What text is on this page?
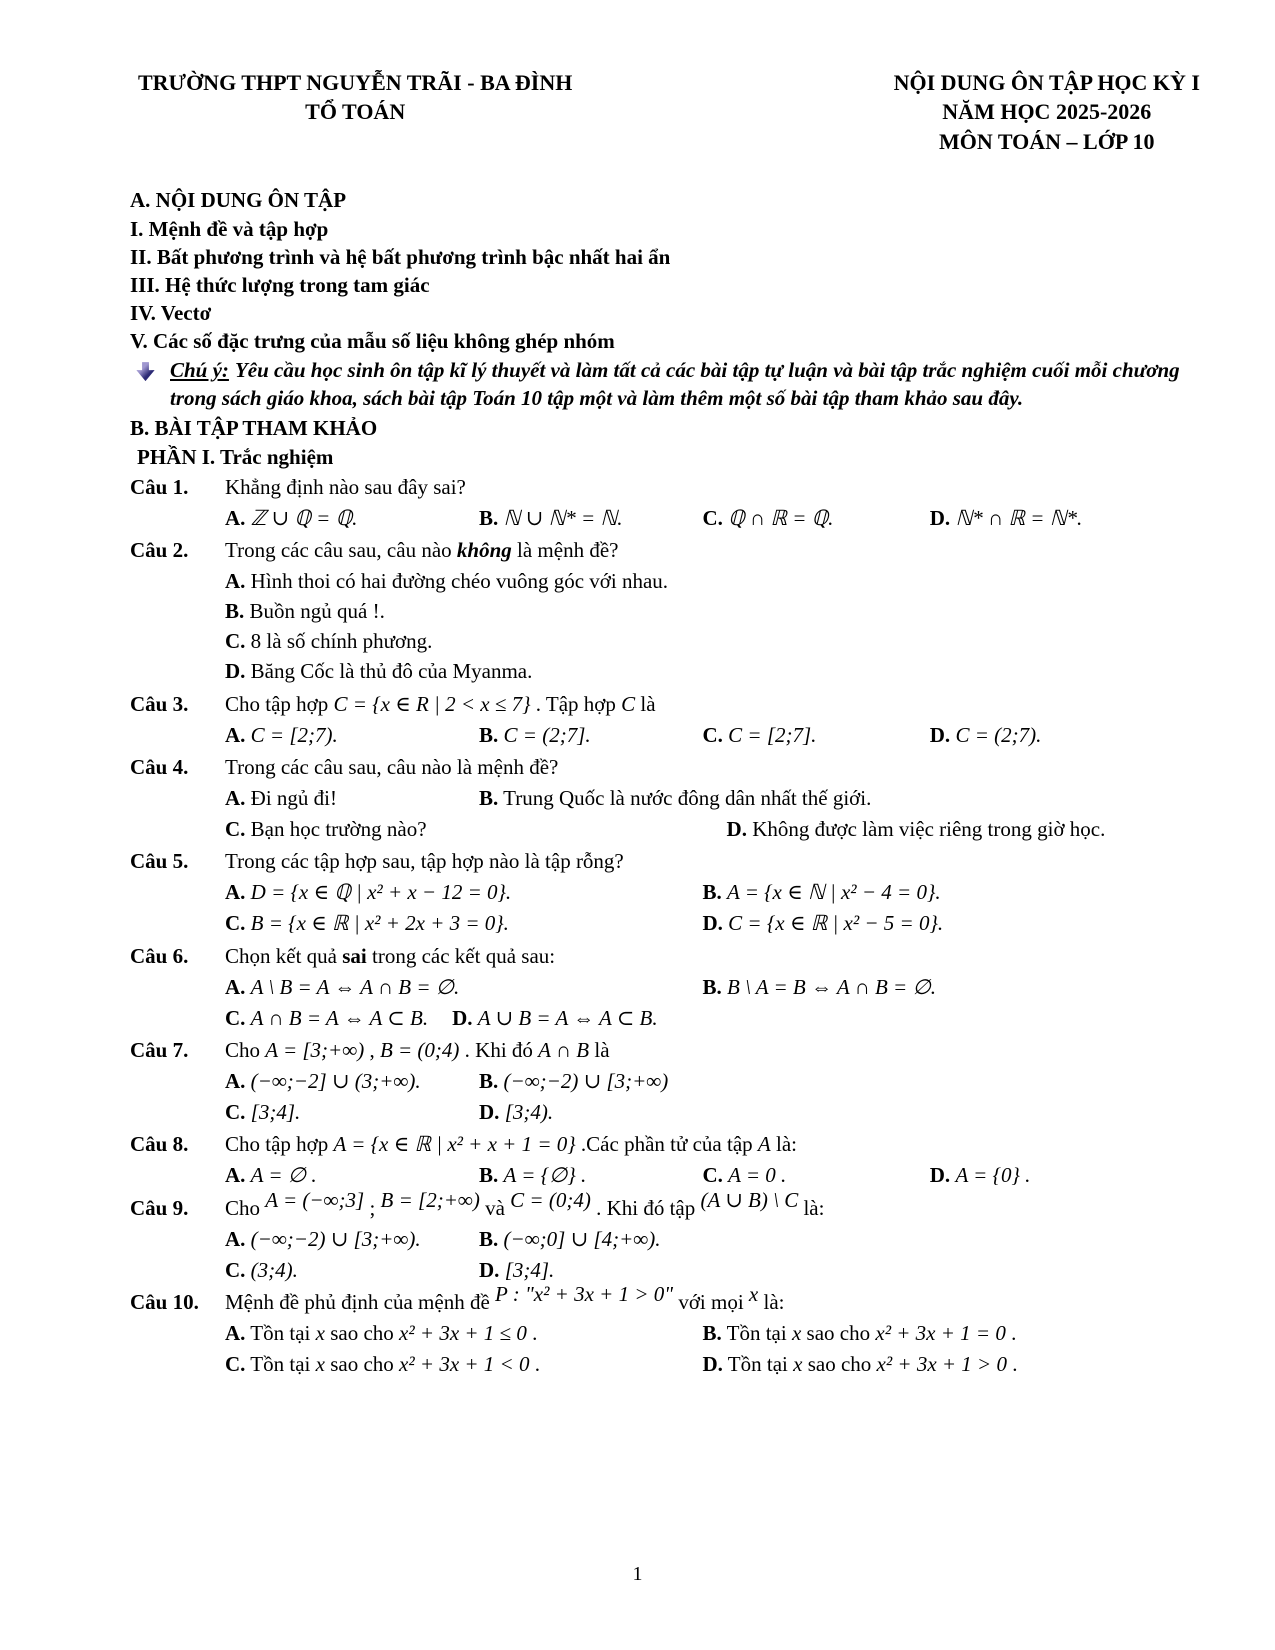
TRƯỜNG THPT NGUYỄN TRÃI - BA ĐÌNH
TỔ TOÁN
NỘI DUNG ÔN TẬP HỌC KỲ I
NĂM HỌC 2025-2026
MÔN TOÁN – LỚP 10
A. NỘI DUNG ÔN TẬP
I. Mệnh đề và tập hợp
II. Bất phương trình và hệ bất phương trình bậc nhất hai ẩn
III. Hệ thức lượng trong tam giác
IV. Vectơ
V. Các số đặc trưng của mẫu số liệu không ghép nhóm
Chú ý: Yêu cầu học sinh ôn tập kĩ lý thuyết và làm tất cả các bài tập tự luận và bài tập trắc nghiệm cuối mỗi chương trong sách giáo khoa, sách bài tập Toán 10 tập một và làm thêm một số bài tập tham khảo sau đây.
B. BÀI TẬP THAM KHẢO
PHẦN I. Trắc nghiệm
Câu 1. Khẳng định nào sau đây sai?
A. ℤ ∪ ℚ = ℚ.	B. ℕ ∪ ℕ* = ℕ.	C. ℚ ∩ ℝ = ℚ.	D. ℕ* ∩ ℝ = ℕ*.
Câu 2. Trong các câu sau, câu nào không là mệnh đề?
A. Hình thoi có hai đường chéo vuông góc với nhau.
B. Buồn ngủ quá !.
C. 8 là số chính phương.
D. Băng Cốc là thủ đô của Myanma.
Câu 3. Cho tập hợp C = {x ∈ R | 2 < x ≤ 7} . Tập hợp C là
A. C = [2;7).	B. C = (2;7].	C. C = [2;7].	D. C = (2;7).
Câu 4. Trong các câu sau, câu nào là mệnh đề?
A. Đi ngủ đi!	B. Trung Quốc là nước đông dân nhất thế giới.
C. Bạn học trường nào?	D. Không được làm việc riêng trong giờ học.
Câu 5. Trong các tập hợp sau, tập hợp nào là tập rỗng?
A. D = {x ∈ ℚ | x² + x − 12 = 0}.	B. A = {x ∈ ℕ | x² − 4 = 0}.
C. B = {x ∈ ℝ | x² + 2x + 3 = 0}.	D. C = {x ∈ ℝ | x² − 5 = 0}.
Câu 6. Chọn kết quả sai trong các kết quả sau:
A. A \ B = A ⇔ A ∩ B = ∅.	B. B \ A = B ⇔ A ∩ B = ∅.
C. A ∩ B = A ⇔ A ⊂ B. D. A ∪ B = A ⇔ A ⊂ B.
Câu 7. Cho A = [3;+∞) , B = (0;4) . Khi đó A ∩ B là
A. (−∞;−2] ∪ (3;+∞).	B. (−∞;−2) ∪ [3;+∞)
C. [3;4].	D. [3;4).
Câu 8. Cho tập hợp A = {x ∈ ℝ | x² + x + 1 = 0} .Các phần tử của tập A là:
A. A = ∅ .	B. A = {∅} .	C. A = 0 .	D. A = {0} .
Câu 9. Cho A = (−∞;3] ; B = [2;+∞) và C = (0;4) . Khi đó tập (A ∪ B) \ C là:
A. (−∞;−2) ∪ [3;+∞).	B. (−∞;0] ∪ [4;+∞).
C. (3;4).	D. [3;4].
Câu 10. Mệnh đề phủ định của mệnh đề P : "x² + 3x + 1 > 0" với mọi x là:
A. Tồn tại x sao cho x² + 3x + 1 ≤ 0 .	B. Tồn tại x sao cho x² + 3x + 1 = 0 .
C. Tồn tại x sao cho x² + 3x + 1 < 0 .	D. Tồn tại x sao cho x² + 3x + 1 > 0 .
1
